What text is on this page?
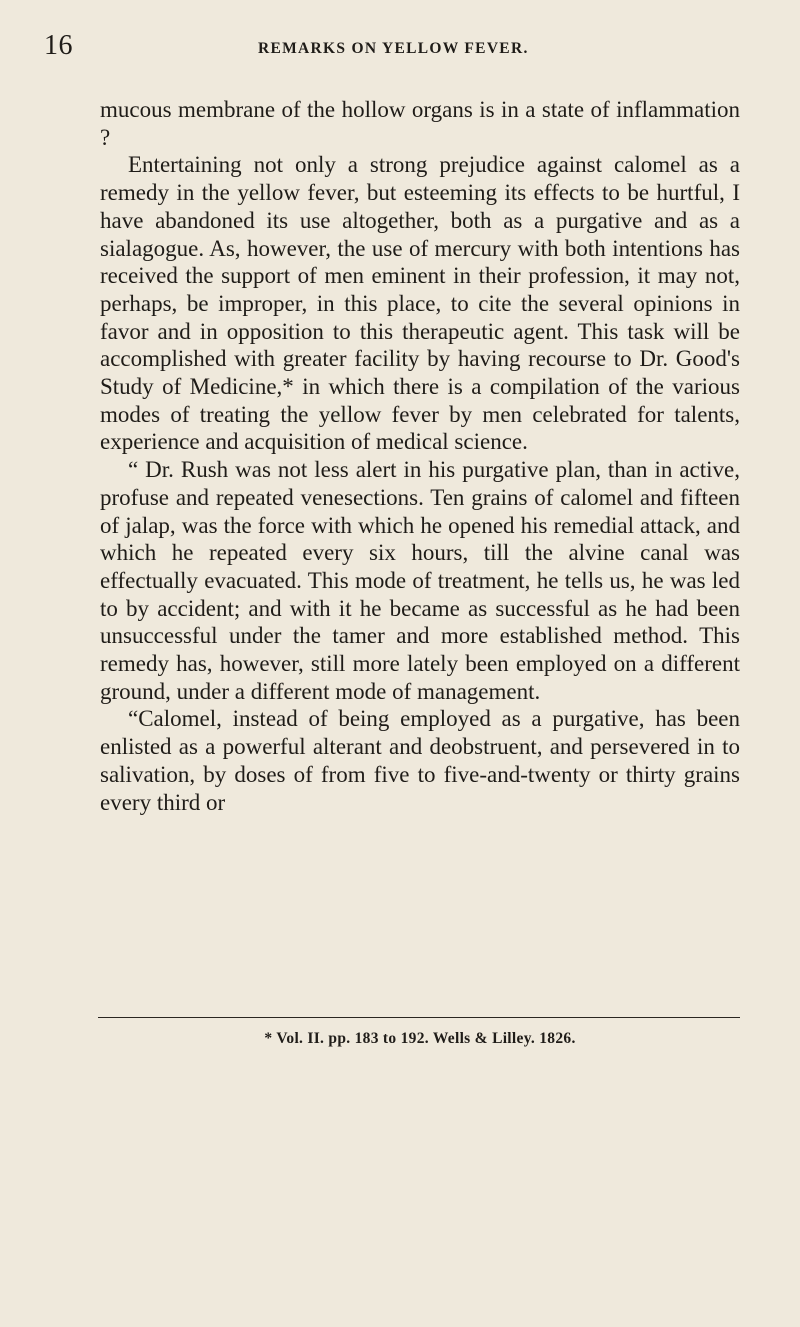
16	REMARKS ON YELLOW FEVER.

mucous membrane of the hollow organs is in a state of inflammation ?

Entertaining not only a strong prejudice against calomel as a remedy in the yellow fever, but esteeming its effects to be hurtful, I have abandoned its use altogether, both as a purgative and as a sialagogue. As, however, the use of mercury with both intentions has received the support of men eminent in their profession, it may not, perhaps, be improper, in this place, to cite the several opinions in favor and in opposition to this therapeutic agent. This task will be accomplished with greater facility by having recourse to Dr. Good's Study of Medicine,* in which there is a compilation of the various modes of treating the yellow fever by men celebrated for talents, experience and acquisition of medical science.

“ Dr. Rush was not less alert in his purgative plan, than in active, profuse and repeated venesections. Ten grains of calomel and fifteen of jalap, was the force with which he opened his remedial attack, and which he repeated every six hours, till the alvine canal was effectually evacuated. This mode of treatment, he tells us, he was led to by accident; and with it he became as successful as he had been unsuccessful under the tamer and more established method. This remedy has, however, still more lately been employed on a different ground, under a different mode of management.

“Calomel, instead of being employed as a purgative, has been enlisted as a powerful alterant and deobstruent, and persevered in to salivation, by doses of from five to five-and-twenty or thirty grains every third or

* Vol. II. pp. 183 to 192. Wells & Lilley. 1826.
